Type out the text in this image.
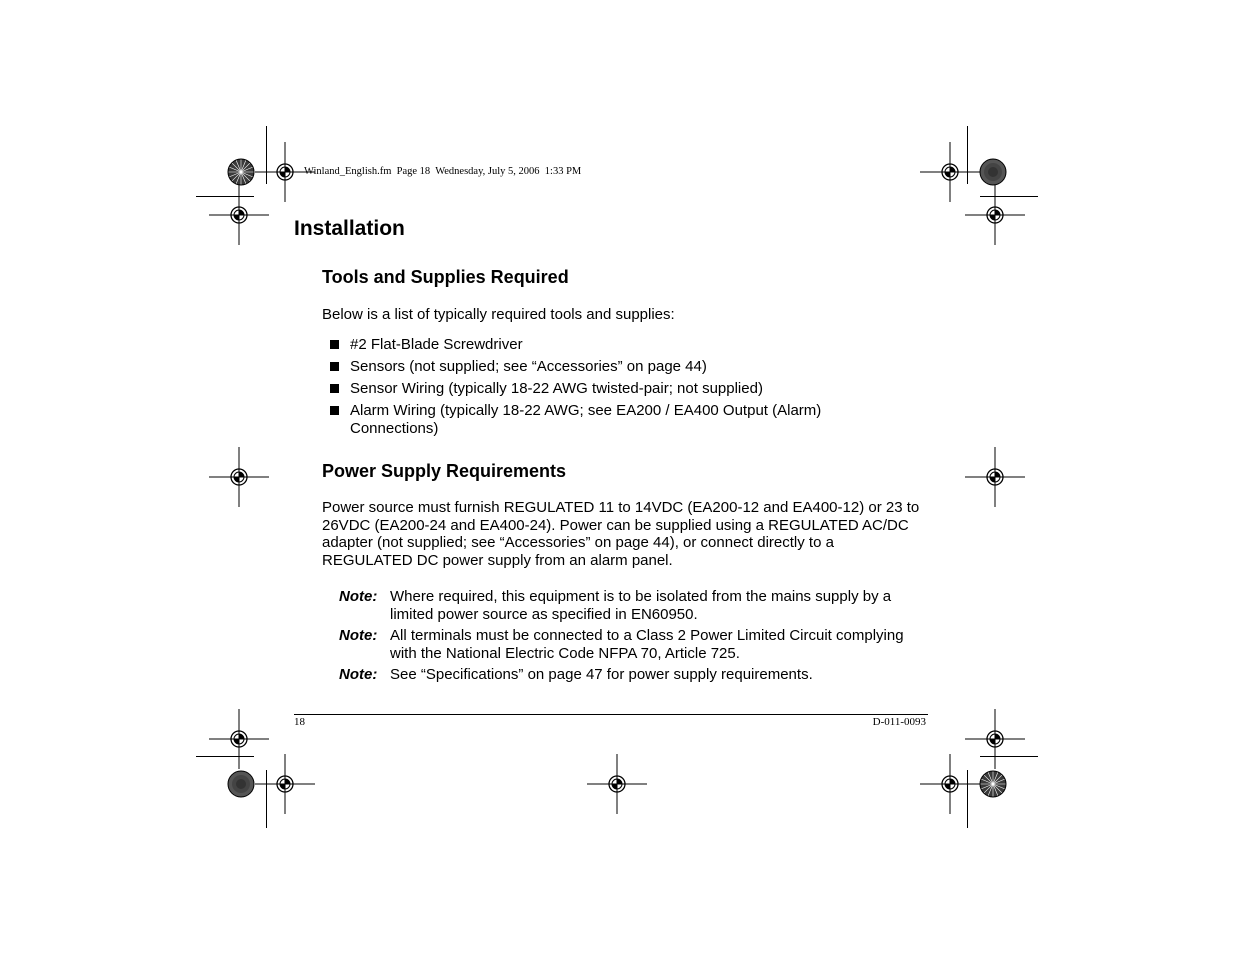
Winland_English.fm  Page 18  Wednesday, July 5, 2006  1:33 PM
Installation
Tools and Supplies Required
Below is a list of typically required tools and supplies:
#2 Flat-Blade Screwdriver
Sensors (not supplied; see “Accessories” on page 44)
Sensor Wiring (typically 18-22 AWG twisted-pair; not supplied)
Alarm Wiring (typically 18-22 AWG; see EA200 / EA400 Output (Alarm) Connections)
Power Supply Requirements
Power source must furnish REGULATED 11 to 14VDC (EA200-12 and EA400-12) or 23 to 26VDC (EA200-24 and EA400-24). Power can be supplied using a REGULATED AC/DC adapter (not supplied; see “Accessories” on page 44), or connect directly to a REGULATED DC power supply from an alarm panel.
Note: Where required, this equipment is to be isolated from the mains supply by a limited power source as specified in EN60950.
Note: All terminals must be connected to a Class 2 Power Limited Circuit complying with the National Electric Code NFPA 70, Article 725.
Note: See “Specifications” on page 47 for power supply requirements.
18	D-011-0093
